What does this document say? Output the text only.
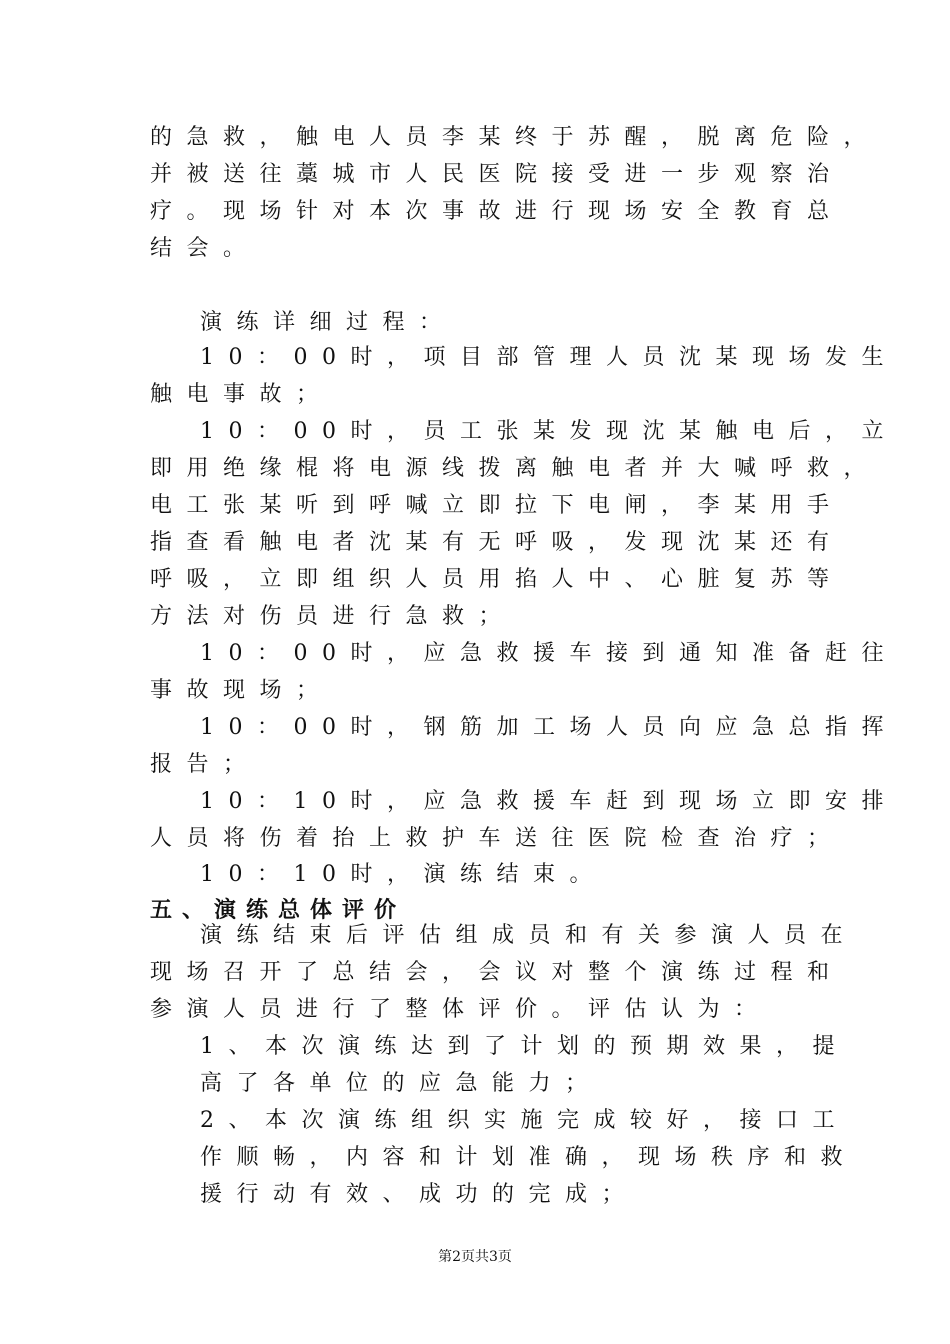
的急救，触电人员李某终于苏醒，脱离危险，
并被送往藁城市人民医院接受进一步观察治
疗。现场针对本次事故进行现场安全教育总
结会。
演练详细过程：
10：00时，项目部管理人员沈某现场发生
触电事故；
10：00时，员工张某发现沈某触电后，立
即用绝缘棍将电源线拨离触电者并大喊呼救，
电工张某听到呼喊立即拉下电闸，李某用手
指查看触电者沈某有无呼吸，发现沈某还有
呼吸，立即组织人员用掐人中、心脏复苏等
方法对伤员进行急救；
10：00时，应急救援车接到通知准备赶往
事故现场；
10：00时，钢筋加工场人员向应急总指挥
报告；
10：10时，应急救援车赶到现场立即安排
人员将伤着抬上救护车送往医院检查治疗；
10：10时，演练结束。
五、演练总体评价
演练结束后评估组成员和有关参演人员在
现场召开了总结会，会议对整个演练过程和
参演人员进行了整体评价。评估认为：
1、本次演练达到了计划的预期效果，提
高了各单位的应急能力；
2、本次演练组织实施完成较好，接口工
作顺畅，内容和计划准确，现场秩序和救
援行动有效、成功的完成；
第2页共3页
